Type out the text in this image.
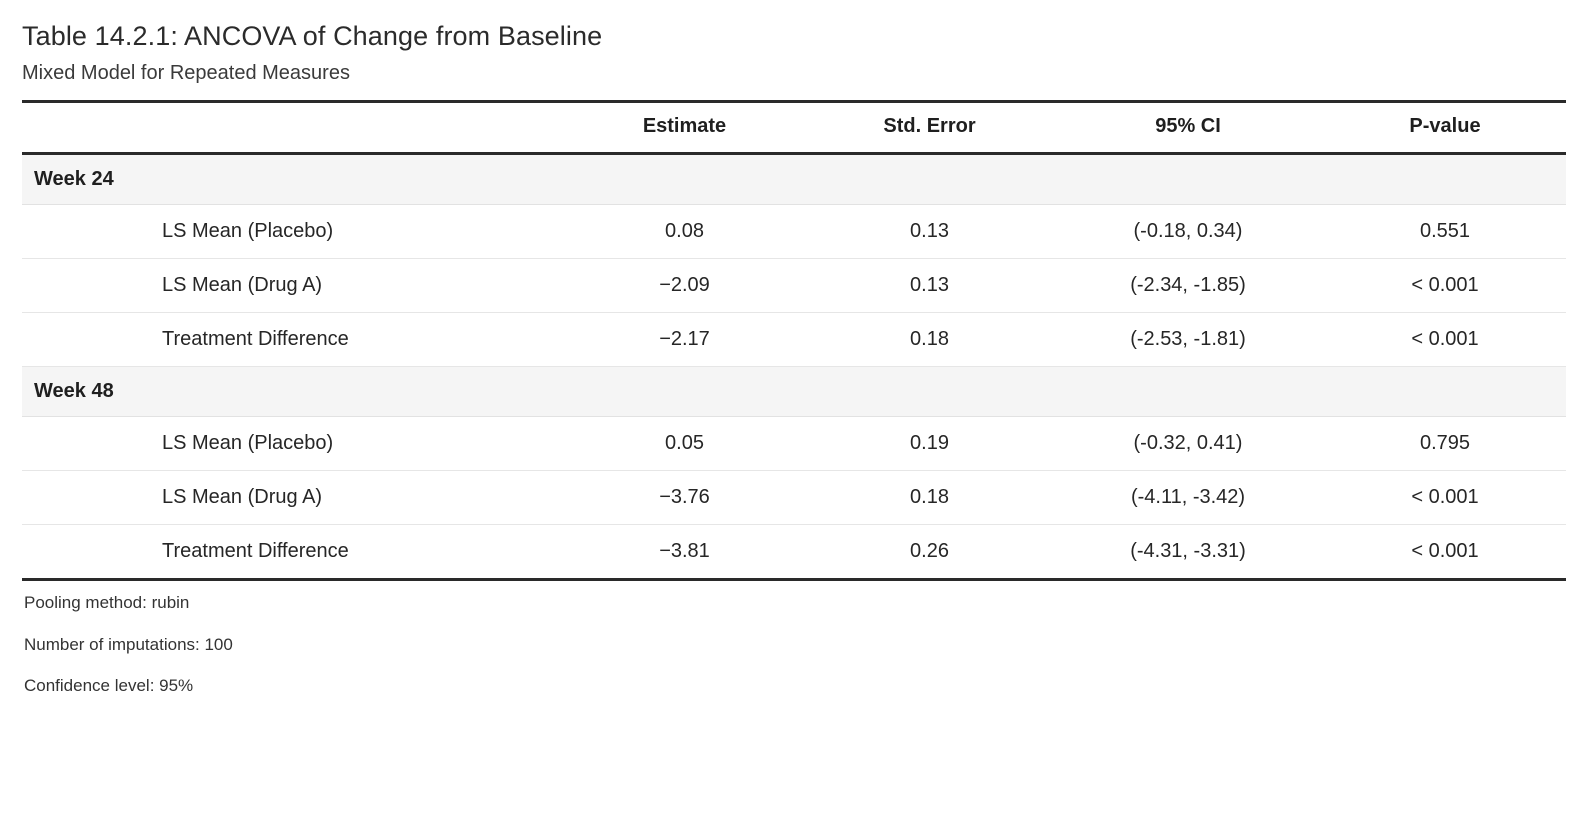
Table 14.2.1: ANCOVA of Change from Baseline
Mixed Model for Repeated Measures
	Estimate	Std. Error	95% CI	P-value
Week 24				
LS Mean (Placebo)	0.08	0.13	(-0.18, 0.34)	0.551
LS Mean (Drug A)	−2.09	0.13	(-2.34, -1.85)	< 0.001
Treatment Difference	−2.17	0.18	(-2.53, -1.81)	< 0.001
Week 48				
LS Mean (Placebo)	0.05	0.19	(-0.32, 0.41)	0.795
LS Mean (Drug A)	−3.76	0.18	(-4.11, -3.42)	< 0.001
Treatment Difference	−3.81	0.26	(-4.31, -3.31)	< 0.001

Pooling method: rubin

Number of imputations: 100

Confidence level: 95%
